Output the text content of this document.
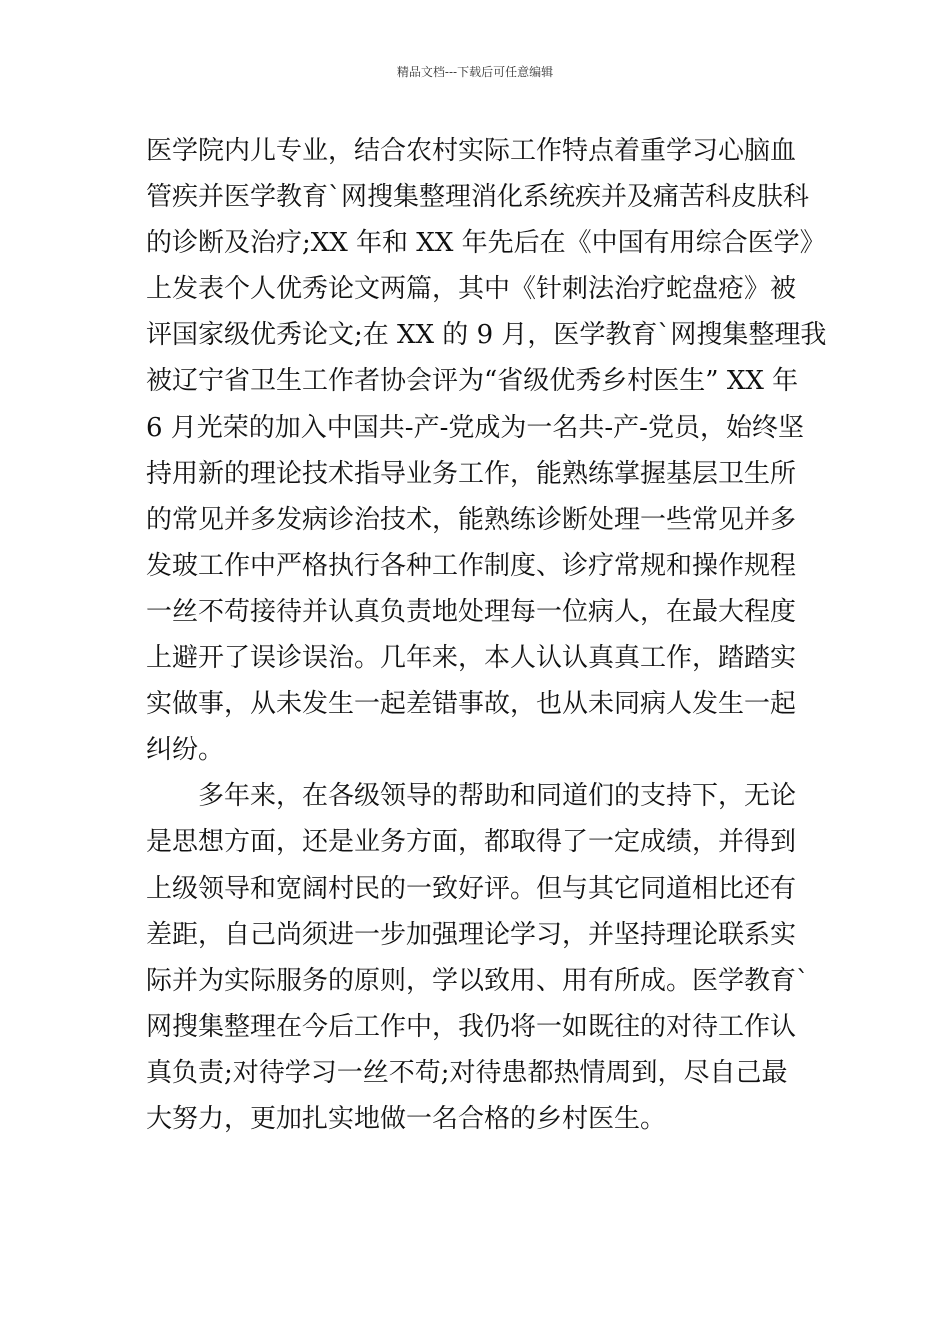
精品文档---下载后可任意编辑
医学院内儿专业，结合农村实际工作特点着重学习心脑血
管疾并医学教育`网搜集整理消化系统疾并及痛苦科皮肤科
的诊断及治疗;XX 年和 XX 年先后在《中国有用综合医学》
上发表个人优秀论文两篇，其中《针刺法治疗蛇盘疮》被
评国家级优秀论文;在 XX 的 9 月，医学教育`网搜集整理我
被辽宁省卫生工作者协会评为“省级优秀乡村医生” XX 年
6 月光荣的加入中国共-产-党成为一名共-产-党员，始终坚
持用新的理论技术指导业务工作，能熟练掌握基层卫生所
的常见并多发病诊治技术，能熟练诊断处理一些常见并多
发玻工作中严格执行各种工作制度、诊疗常规和操作规程
一丝不苟接待并认真负责地处理每一位病人，在最大程度
上避开了误诊误治。几年来，本人认认真真工作，踏踏实
实做事，从未发生一起差错事故，也从未同病人发生一起
纠纷。
多年来，在各级领导的帮助和同道们的支持下，无论
是思想方面，还是业务方面，都取得了一定成绩，并得到
上级领导和宽阔村民的一致好评。但与其它同道相比还有
差距，自己尚须进一步加强理论学习，并坚持理论联系实
际并为实际服务的原则，学以致用、用有所成。医学教育`
网搜集整理在今后工作中，我仍将一如既往的对待工作认
真负责;对待学习一丝不苟;对待患都热情周到，尽自己最
大努力，更加扎实地做一名合格的乡村医生。
